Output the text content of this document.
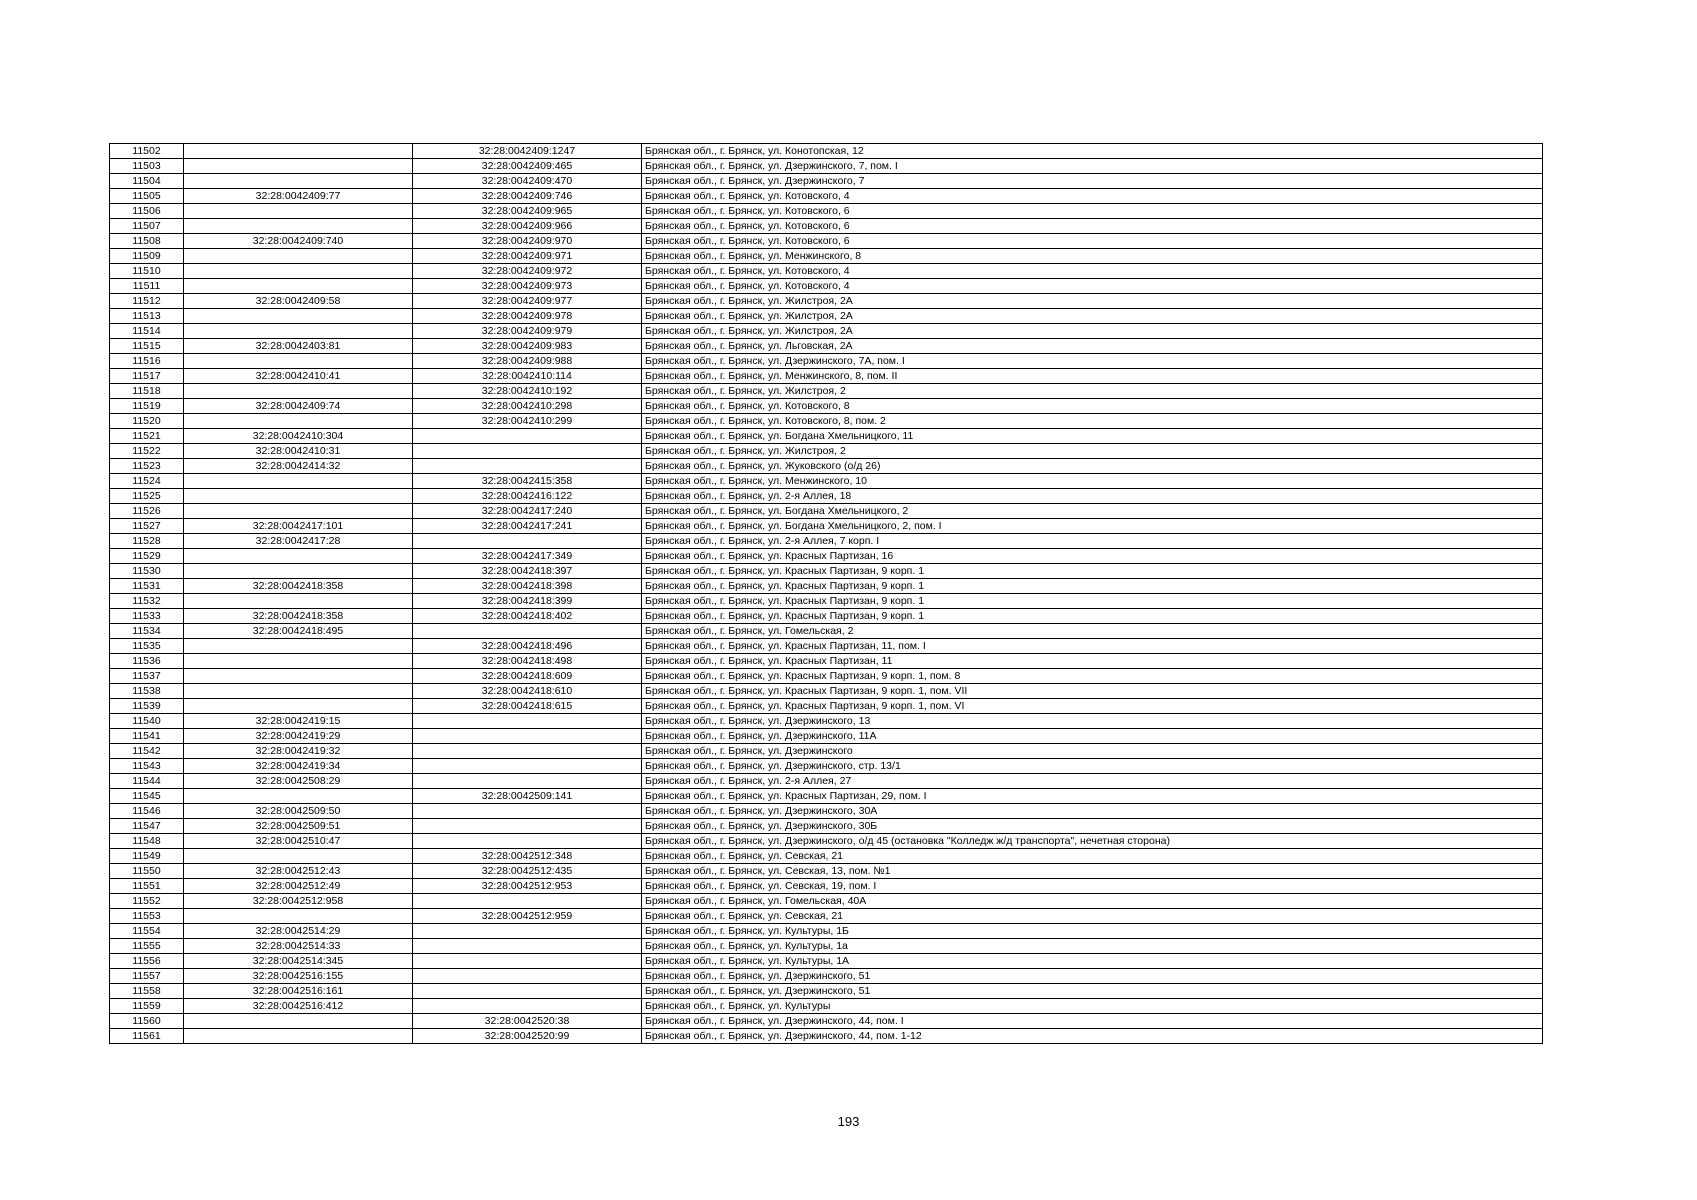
11502		32:28:0042409:1247	Брянская обл., г. Брянск, ул. Конотопская, 12
11503		32:28:0042409:465	Брянская обл., г. Брянск, ул. Дзержинского, 7, пом. I
11504		32:28:0042409:470	Брянская обл., г. Брянск, ул. Дзержинского, 7
11505	32:28:0042409:77	32:28:0042409:746	Брянская обл., г. Брянск, ул. Котовского, 4
11506		32:28:0042409:965	Брянская обл., г. Брянск, ул. Котовского, 6
11507		32:28:0042409:966	Брянская обл., г. Брянск, ул. Котовского, 6
11508	32:28:0042409:740	32:28:0042409:970	Брянская обл., г. Брянск, ул. Котовского, 6
11509		32:28:0042409:971	Брянская обл., г. Брянск, ул. Менжинского, 8
11510		32:28:0042409:972	Брянская обл., г. Брянск, ул. Котовского, 4
11511		32:28:0042409:973	Брянская обл., г. Брянск, ул. Котовского, 4
11512	32:28:0042409:58	32:28:0042409:977	Брянская обл., г. Брянск, ул. Жилстроя, 2А
11513		32:28:0042409:978	Брянская обл., г. Брянск, ул. Жилстроя, 2А
11514		32:28:0042409:979	Брянская обл., г. Брянск, ул. Жилстроя, 2А
11515	32:28:0042403:81	32:28:0042409:983	Брянская обл., г. Брянск, ул. Льговская, 2А
11516		32:28:0042409:988	Брянская обл., г. Брянск, ул. Дзержинского, 7А, пом. I
11517	32:28:0042410:41	32:28:0042410:114	Брянская обл., г. Брянск, ул. Менжинского, 8, пом. II
11518		32:28:0042410:192	Брянская обл., г. Брянск, ул. Жилстроя, 2
11519	32:28:0042409:74	32:28:0042410:298	Брянская обл., г. Брянск, ул. Котовского, 8
11520		32:28:0042410:299	Брянская обл., г. Брянск, ул. Котовского, 8, пом. 2
11521	32:28:0042410:304		Брянская обл., г. Брянск, ул. Богдана Хмельницкого, 11
11522	32:28:0042410:31		Брянская обл., г. Брянск, ул. Жилстроя, 2
11523	32:28:0042414:32		Брянская обл., г. Брянск, ул. Жуковского (о/д 26)
11524		32:28:0042415:358	Брянская обл., г. Брянск, ул. Менжинского, 10
11525		32:28:0042416:122	Брянская обл., г. Брянск, ул. 2-я Аллея, 18
11526		32:28:0042417:240	Брянская обл., г. Брянск, ул. Богдана Хмельницкого, 2
11527	32:28:0042417:101	32:28:0042417:241	Брянская обл., г. Брянск, ул. Богдана Хмельницкого, 2, пом. I
11528	32:28:0042417:28		Брянская обл., г. Брянск, ул. 2-я Аллея, 7 корп. I
11529		32:28:0042417:349	Брянская обл., г. Брянск, ул. Красных Партизан, 16
11530		32:28:0042418:397	Брянская обл., г. Брянск, ул. Красных Партизан, 9 корп. 1
11531	32:28:0042418:358	32:28:0042418:398	Брянская обл., г. Брянск, ул. Красных Партизан, 9 корп. 1
11532		32:28:0042418:399	Брянская обл., г. Брянск, ул. Красных Партизан, 9 корп. 1
11533	32:28:0042418:358	32:28:0042418:402	Брянская обл., г. Брянск, ул. Красных Партизан, 9 корп. 1
11534	32:28:0042418:495		Брянская обл., г. Брянск, ул. Гомельская, 2
11535		32:28:0042418:496	Брянская обл., г. Брянск, ул. Красных Партизан, 11, пом. I
11536		32:28:0042418:498	Брянская обл., г. Брянск, ул. Красных Партизан, 11
11537		32:28:0042418:609	Брянская обл., г. Брянск, ул. Красных Партизан, 9 корп. 1, пом. 8
11538		32:28:0042418:610	Брянская обл., г. Брянск, ул. Красных Партизан, 9 корп. 1, пом. VII
11539		32:28:0042418:615	Брянская обл., г. Брянск, ул. Красных Партизан, 9 корп. 1, пом. VI
11540	32:28:0042419:15		Брянская обл., г. Брянск, ул. Дзержинского, 13
11541	32:28:0042419:29		Брянская обл., г. Брянск, ул. Дзержинского, 11А
11542	32:28:0042419:32		Брянская обл., г. Брянск, ул. Дзержинского
11543	32:28:0042419:34		Брянская обл., г. Брянск, ул. Дзержинского, стр. 13/1
11544	32:28:0042508:29		Брянская обл., г. Брянск, ул. 2-я Аллея, 27
11545		32:28:0042509:141	Брянская обл., г. Брянск, ул. Красных Партизан, 29, пом. I
11546	32:28:0042509:50		Брянская обл., г. Брянск, ул. Дзержинского, 30А
11547	32:28:0042509:51		Брянская обл., г. Брянск, ул. Дзержинского, 30Б
11548	32:28:0042510:47		Брянская обл., г. Брянск, ул. Дзержинского, о/д 45 (остановка "Колледж ж/д транспорта", нечетная сторона)
11549		32:28:0042512:348	Брянская обл., г. Брянск, ул. Севская, 21
11550	32:28:0042512:43	32:28:0042512:435	Брянская обл., г. Брянск, ул. Севская, 13, пом. №1
11551	32:28:0042512:49	32:28:0042512:953	Брянская обл., г. Брянск, ул. Севская, 19, пом. I
11552	32:28:0042512:958		Брянская обл., г. Брянск, ул. Гомельская, 40А
11553		32:28:0042512:959	Брянская обл., г. Брянск, ул. Севская, 21
11554	32:28:0042514:29		Брянская обл., г. Брянск, ул. Культуры, 1Б
11555	32:28:0042514:33		Брянская обл., г. Брянск, ул. Культуры, 1а
11556	32:28:0042514:345		Брянская обл., г. Брянск, ул. Культуры, 1А
11557	32:28:0042516:155		Брянская обл., г. Брянск, ул. Дзержинского, 51
11558	32:28:0042516:161		Брянская обл., г. Брянск, ул. Дзержинского, 51
11559	32:28:0042516:412		Брянская обл., г. Брянск, ул. Культуры
11560		32:28:0042520:38	Брянская обл., г. Брянск, ул. Дзержинского, 44, пом. I
11561		32:28:0042520:99	Брянская обл., г. Брянск, ул. Дзержинского, 44, пом. 1-12
193
